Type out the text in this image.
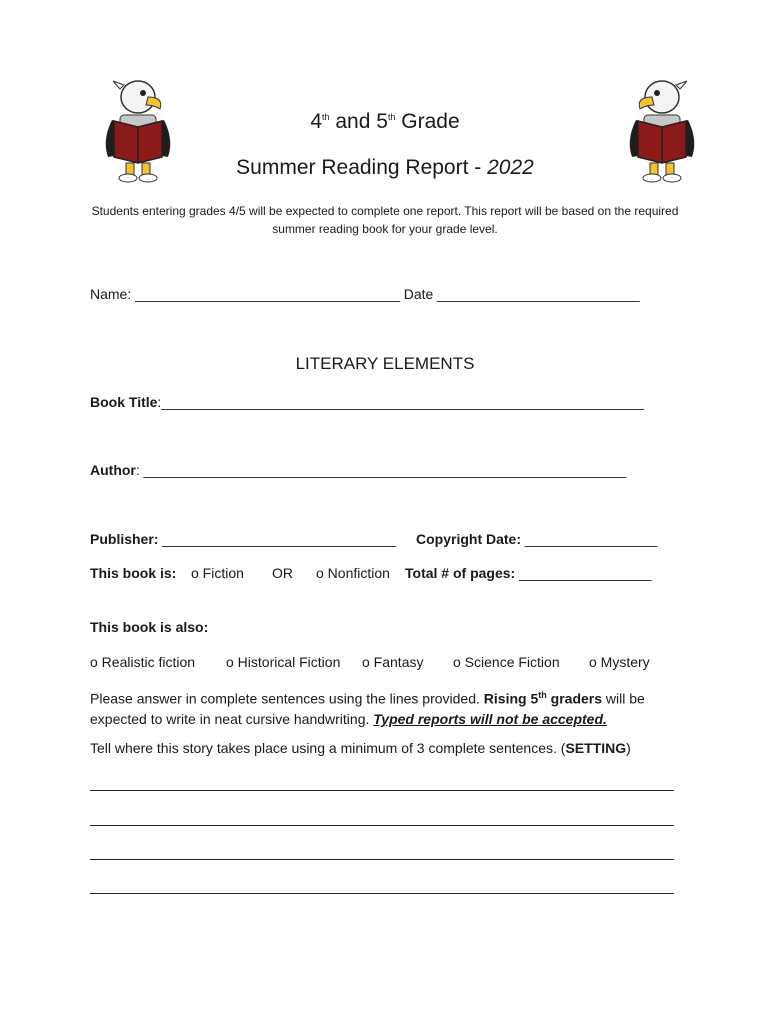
4th and 5th Grade
Summer Reading Report - 2022
Students entering grades 4/5 will be expected to complete one report. This report will be based on the required summer reading book for your grade level.
Name: __________________________________ Date __________________________
LITERARY ELEMENTS
Book Title:______________________________________________________________
Author: ______________________________________________________________
Publisher: ______________________________ Copyright Date: _________________
This book is: o Fiction OR o Nonfiction Total # of pages: _________________
This book is also:
o Realistic fiction o Historical Fiction o Fantasy o Science Fiction o Mystery
Please answer in complete sentences using the lines provided. Rising 5th graders will be expected to write in neat cursive handwriting. Typed reports will not be accepted.
Tell where this story takes place using a minimum of 3 complete sentences. (SETTING)
